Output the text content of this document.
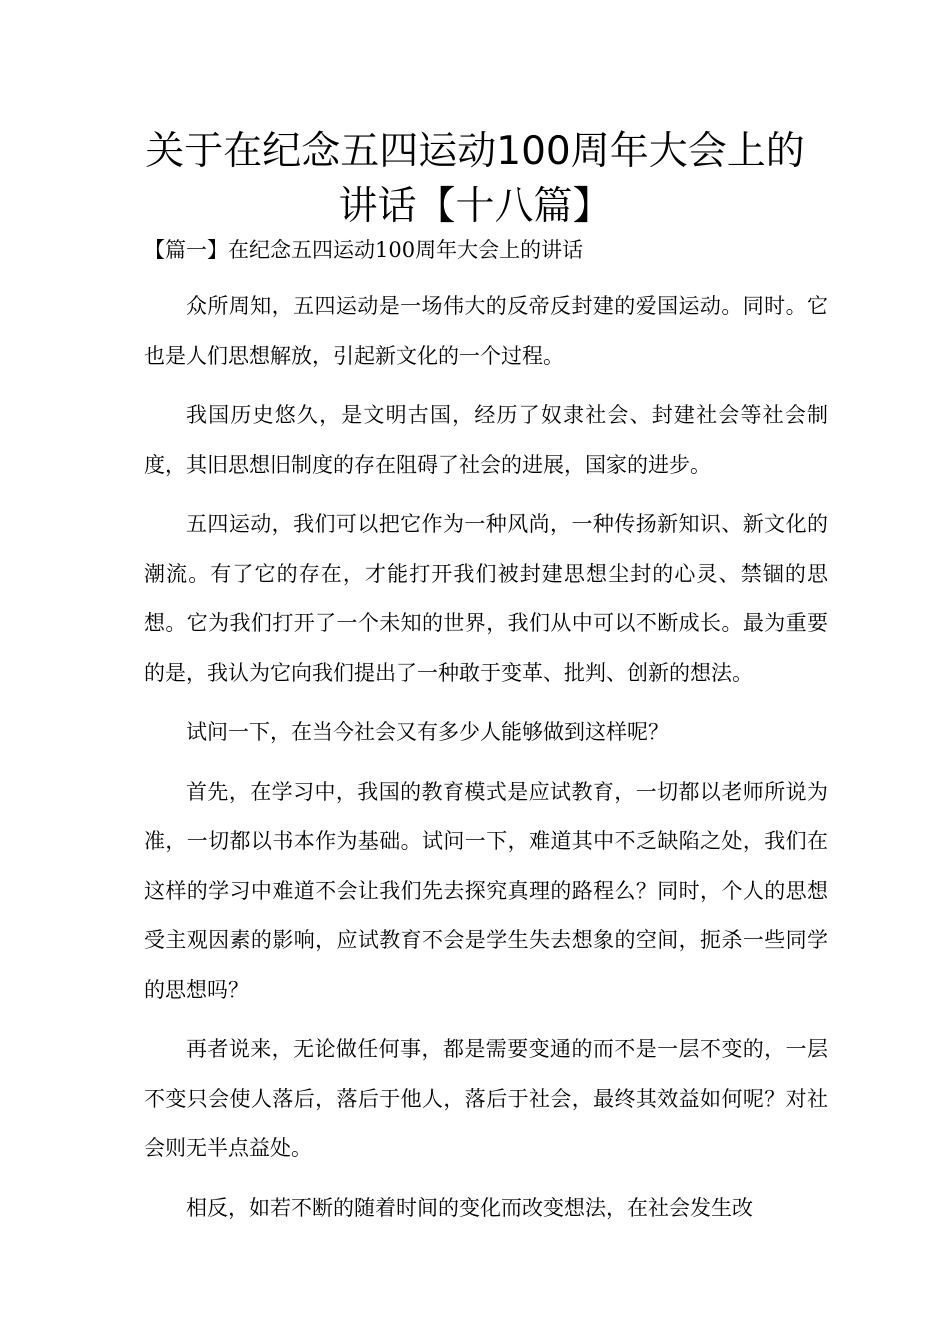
关于在纪念五四运动100周年大会上的
讲话【十八篇】
【篇一】在纪念五四运动100周年大会上的讲话

众所周知，五四运动是一场伟大的反帝反封建的爱国运动。同时。它也是人们思想解放，引起新文化的一个过程。

我国历史悠久，是文明古国，经历了奴隶社会、封建社会等社会制度，其旧思想旧制度的存在阻碍了社会的进展，国家的进步。

五四运动，我们可以把它作为一种风尚，一种传扬新知识、新文化的潮流。有了它的存在，才能打开我们被封建思想尘封的心灵、禁锢的思想。它为我们打开了一个未知的世界，我们从中可以不断成长。最为重要的是，我认为它向我们提出了一种敢于变革、批判、创新的想法。

试问一下，在当今社会又有多少人能够做到这样呢？

首先，在学习中，我国的教育模式是应试教育，一切都以老师所说为准，一切都以书本作为基础。试问一下，难道其中不乏缺陷之处，我们在这样的学习中难道不会让我们先去探究真理的路程么？同时，个人的思想受主观因素的影响，应试教育不会是学生失去想象的空间，扼杀一些同学的思想吗？

再者说来，无论做任何事，都是需要变通的而不是一层不变的，一层不变只会使人落后，落后于他人，落后于社会，最终其效益如何呢？对社会则无半点益处。

相反，如若不断的随着时间的变化而改变想法，在社会发生改
